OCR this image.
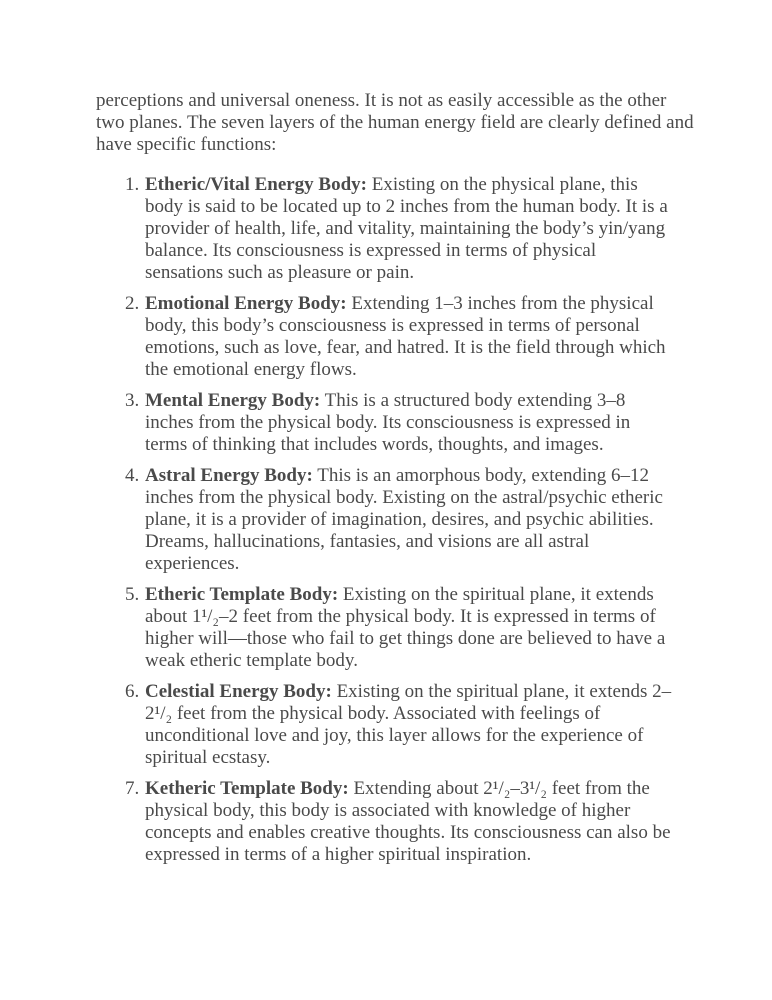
perceptions and universal oneness. It is not as easily accessible as the other two planes. The seven layers of the human energy field are clearly defined and have specific functions:

1. Etheric/Vital Energy Body: Existing on the physical plane, this body is said to be located up to 2 inches from the human body. It is a provider of health, life, and vitality, maintaining the body’s yin/yang balance. Its consciousness is expressed in terms of physical sensations such as pleasure or pain.
2. Emotional Energy Body: Extending 1–3 inches from the physical body, this body’s consciousness is expressed in terms of personal emotions, such as love, fear, and hatred. It is the field through which the emotional energy flows.
3. Mental Energy Body: This is a structured body extending 3–8 inches from the physical body. Its consciousness is expressed in terms of thinking that includes words, thoughts, and images.
4. Astral Energy Body: This is an amorphous body, extending 6–12 inches from the physical body. Existing on the astral/psychic etheric plane, it is a provider of imagination, desires, and psychic abilities. Dreams, hallucinations, fantasies, and visions are all astral experiences.
5. Etheric Template Body: Existing on the spiritual plane, it extends about 1¹/₂–2 feet from the physical body. It is expressed in terms of higher will—those who fail to get things done are believed to have a weak etheric template body.
6. Celestial Energy Body: Existing on the spiritual plane, it extends 2–2¹/₂ feet from the physical body. Associated with feelings of unconditional love and joy, this layer allows for the experience of spiritual ecstasy.
7. Ketheric Template Body: Extending about 2¹/₂–3¹/₂ feet from the physical body, this body is associated with knowledge of higher concepts and enables creative thoughts. Its consciousness can also be expressed in terms of a higher spiritual inspiration.
